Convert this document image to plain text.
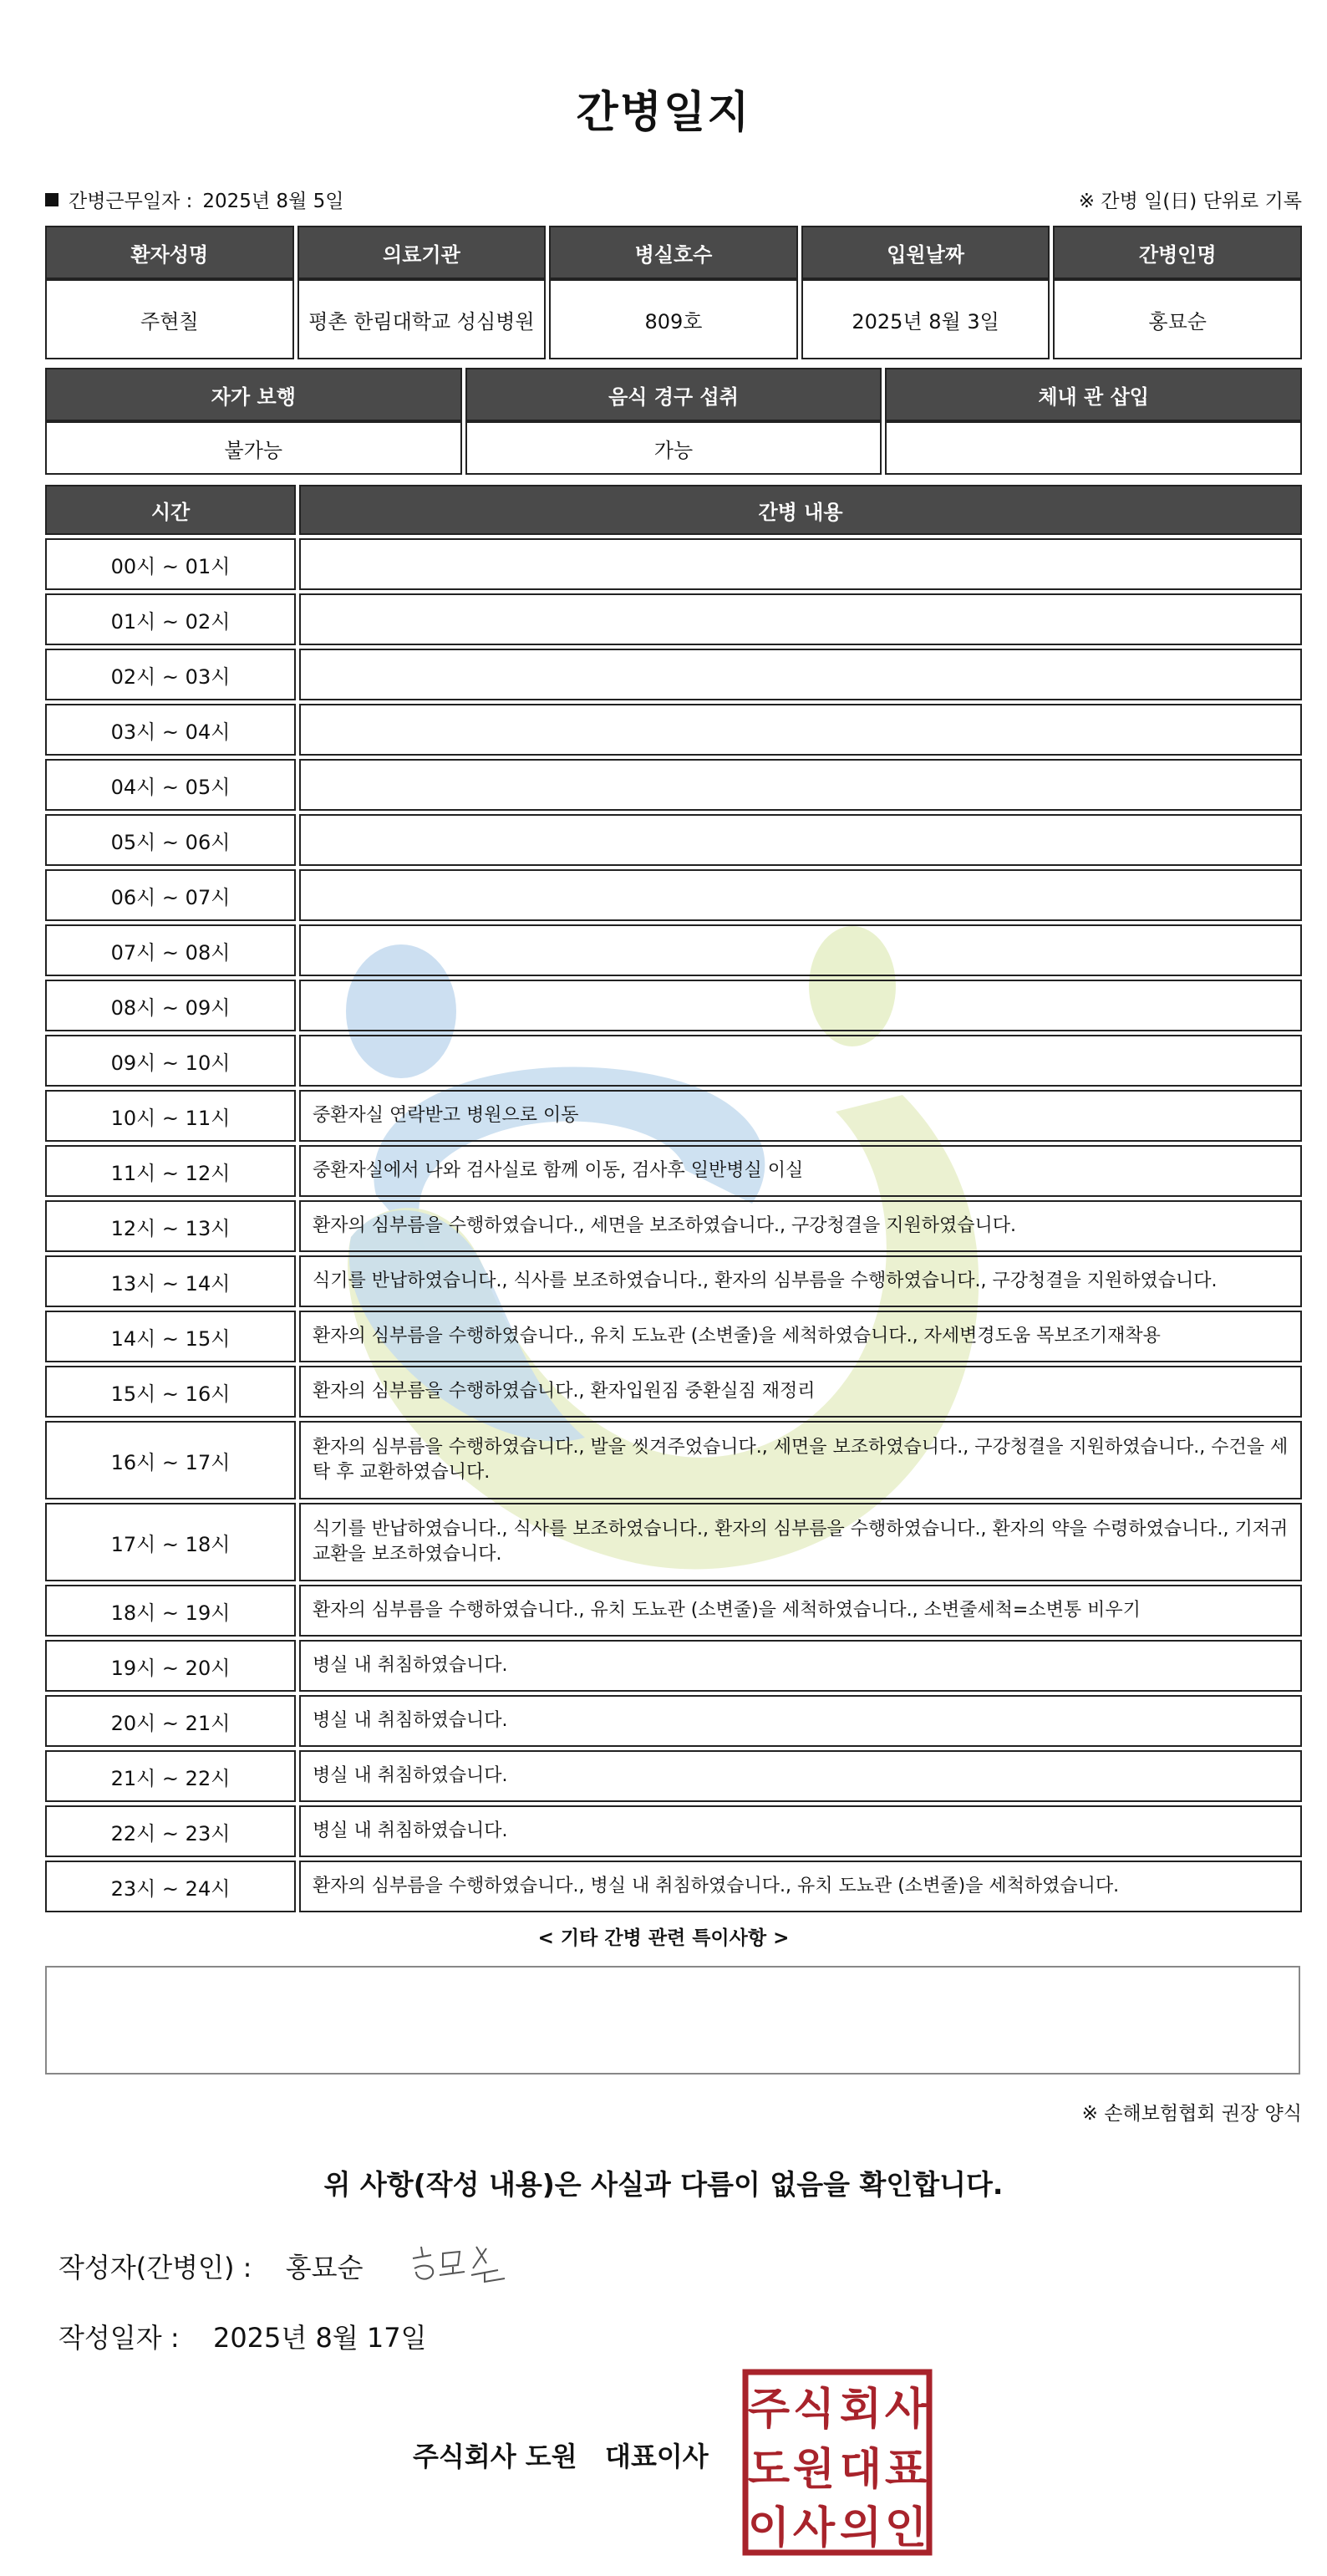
간병일지
간병근무일자 : 2025년 8월 5일	※ 간병 일(日) 단위로 기록
환자성명	의료기관	병실호수	입원날짜	간병인명
주현칠	평촌 한림대학교 성심병원	809호	2025년 8월 3일	홍묘순
자가 보행	음식 경구 섭취	체내 관 삽입
불가능	가능	
시간	간병 내용
00시 ~ 01시	
01시 ~ 02시	
02시 ~ 03시	
03시 ~ 04시	
04시 ~ 05시	
05시 ~ 06시	
06시 ~ 07시	
07시 ~ 08시	
08시 ~ 09시	
09시 ~ 10시	
10시 ~ 11시	중환자실 연락받고 병원으로 이동
11시 ~ 12시	중환자실에서 나와 검사실로 함께 이동, 검사후 일반병실 이실
12시 ~ 13시	환자의 심부름을 수행하였습니다., 세면을 보조하였습니다., 구강청결을 지원하였습니다.
13시 ~ 14시	식기를 반납하였습니다., 식사를 보조하였습니다., 환자의 심부름을 수행하였습니다., 구강청결을 지원하였습니다.
14시 ~ 15시	환자의 심부름을 수행하였습니다., 유치 도뇨관 (소변줄)을 세척하였습니다., 자세변경도움 목보조기재착용
15시 ~ 16시	환자의 심부름을 수행하였습니다., 환자입원짐 중환실짐 재정리
16시 ~ 17시	환자의 심부름을 수행하였습니다., 발을 씻겨주었습니다., 세면을 보조하였습니다., 구강청결을 지원하였습니다., 수건을 세탁 후 교환하였습니다.
17시 ~ 18시	식기를 반납하였습니다., 식사를 보조하였습니다., 환자의 심부름을 수행하였습니다., 환자의 약을 수령하였습니다., 기저귀 교환을 보조하였습니다.
18시 ~ 19시	환자의 심부름을 수행하였습니다., 유치 도뇨관 (소변줄)을 세척하였습니다., 소변줄세척=소변통 비우기
19시 ~ 20시	병실 내 취침하였습니다.
20시 ~ 21시	병실 내 취침하였습니다.
21시 ~ 22시	병실 내 취침하였습니다.
22시 ~ 23시	병실 내 취침하였습니다.
23시 ~ 24시	환자의 심부름을 수행하였습니다., 병실 내 취침하였습니다., 유치 도뇨관 (소변줄)을 세척하였습니다.
< 기타 간병 관련 특이사항 >
※ 손해보험협회 권장 양식
위 사항(작성 내용)은 사실과 다름이 없음을 확인합니다.
작성자(간병인) : 홍묘순
작성일자 : 2025년 8월 17일
주식회사 도원   대표이사
주 식 회 사
도 원 대 표
이 사 의 인
